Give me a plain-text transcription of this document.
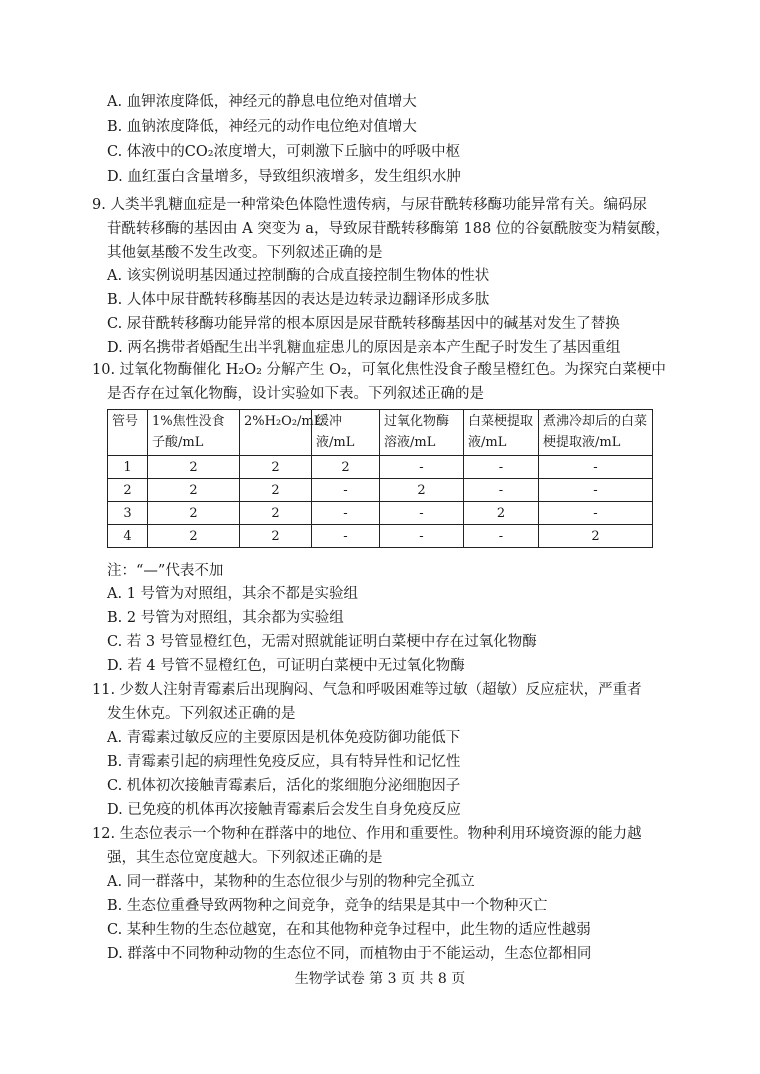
A. 血钾浓度降低，神经元的静息电位绝对值增大
B. 血钠浓度降低，神经元的动作电位绝对值增大
C. 体液中的CO₂浓度增大，可刺激下丘脑中的呼吸中枢
D. 血红蛋白含量增多，导致组织液增多，发生组织水肿
9. 人类半乳糖血症是一种常染色体隐性遗传病，与尿苷酰转移酶功能异常有关。编码尿
苷酰转移酶的基因由 A 突变为 a，导致尿苷酰转移酶第 188 位的谷氨酰胺变为精氨酸，
其他氨基酸不发生改变。下列叙述正确的是
A. 该实例说明基因通过控制酶的合成直接控制生物体的性状
B. 人体中尿苷酰转移酶基因的表达是边转录边翻译形成多肽
C. 尿苷酰转移酶功能异常的根本原因是尿苷酰转移酶基因中的碱基对发生了替换
D. 两名携带者婚配生出半乳糖血症患儿的原因是亲本产生配子时发生了基因重组
10. 过氧化物酶催化 H₂O₂ 分解产生 O₂，可氧化焦性没食子酸呈橙红色。为探究白菜梗中
是否存在过氧化物酶，设计实验如下表。下列叙述正确的是
管号	1%焦性没食子酸/mL	2%H₂O₂/mL	缓冲液/mL	过氧化物酶溶液/mL	白菜梗提取液/mL	煮沸冷却后的白菜梗提取液/mL
1	2	2	2	-	-	-
2	2	2	-	2	-	-
3	2	2	-	-	2	-
4	2	2	-	-	-	2
注：“—”代表不加
A. 1 号管为对照组，其余不都是实验组
B. 2 号管为对照组，其余都为实验组
C. 若 3 号管显橙红色，无需对照就能证明白菜梗中存在过氧化物酶
D. 若 4 号管不显橙红色，可证明白菜梗中无过氧化物酶
11. 少数人注射青霉素后出现胸闷、气急和呼吸困难等过敏（超敏）反应症状，严重者
发生休克。下列叙述正确的是
A. 青霉素过敏反应的主要原因是机体免疫防御功能低下
B. 青霉素引起的病理性免疫反应，具有特异性和记忆性
C. 机体初次接触青霉素后，活化的浆细胞分泌细胞因子
D. 已免疫的机体再次接触青霉素后会发生自身免疫反应
12. 生态位表示一个物种在群落中的地位、作用和重要性。物种利用环境资源的能力越
强，其生态位宽度越大。下列叙述正确的是
A. 同一群落中，某物种的生态位很少与别的物种完全孤立
B. 生态位重叠导致两物种之间竞争，竞争的结果是其中一个物种灭亡
C. 某种生物的生态位越宽，在和其他物种竞争过程中，此生物的适应性越弱
D. 群落中不同物种动物的生态位不同，而植物由于不能运动，生态位都相同
生物学试卷 第 3 页 共 8 页
